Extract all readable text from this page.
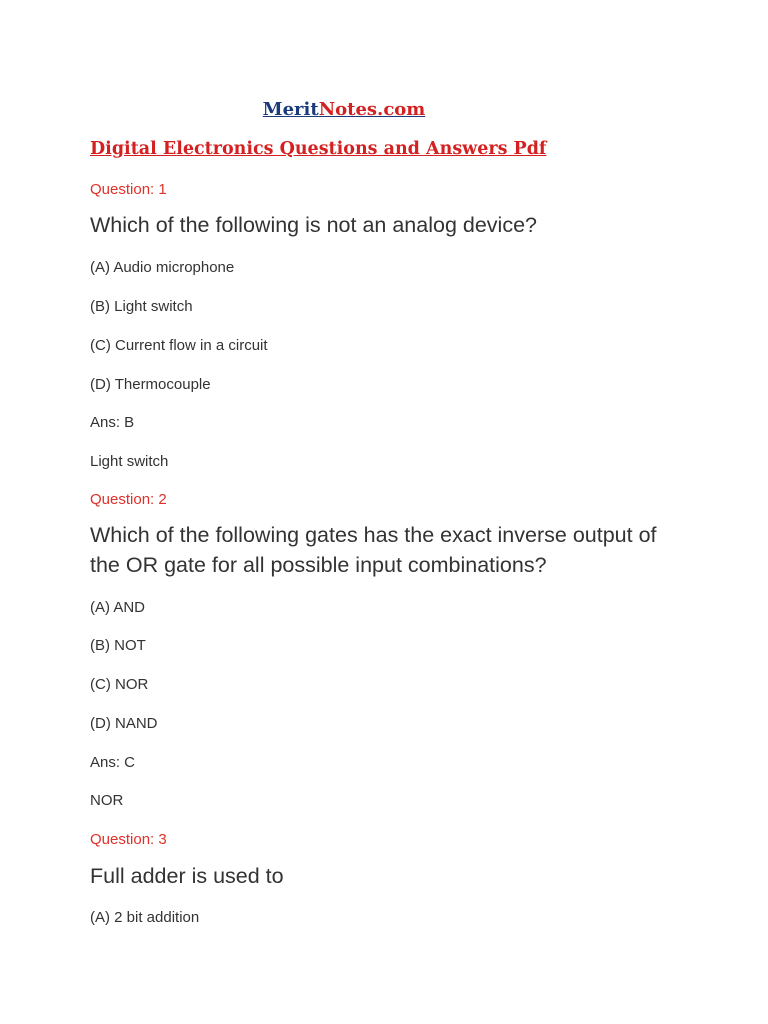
MeritNotes.com
Digital Electronics Questions and Answers Pdf
Question: 1
Which of the following is not an analog device?
(A) Audio microphone
(B) Light switch
(C) Current flow in a circuit
(D) Thermocouple
Ans: B
Light switch
Question: 2
Which of the following gates has the exact inverse output of the OR gate for all possible input combinations?
(A) AND
(B) NOT
(C) NOR
(D) NAND
Ans: C
NOR
Question: 3
Full adder is used to
(A) 2 bit addition
